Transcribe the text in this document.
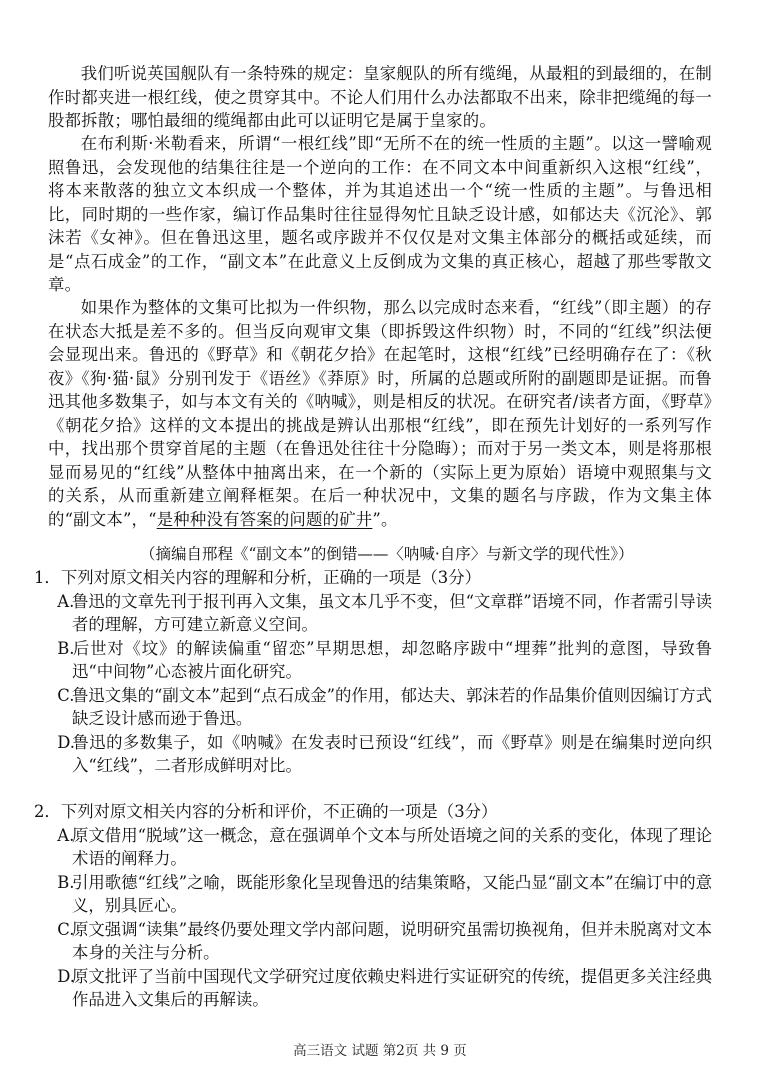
我们听说英国舰队有一条特殊的规定：皇家舰队的所有缆绳，从最粗的到最细的，在制作时都夹进一根红线，使之贯穿其中。不论人们用什么办法都取不出来，除非把缆绳的每一股都拆散；哪怕最细的缆绳都由此可以证明它是属于皇家的。
在布利斯·米勒看来，所谓“一根红线”即“无所不在的统一性质的主题”。以这一譬喻观照鲁迅，会发现他的结集往往是一个逆向的工作：在不同文本中间重新织入这根“红线”，将本来散落的独立文本织成一个整体，并为其追述出一个“统一性质的主题”。与鲁迅相比，同时期的一些作家，编订作品集时往往显得匆忙且缺乏设计感，如郁达夫《沉沦》、郭沫若《女神》。但在鲁迅这里，题名或序跋并不仅仅是对文集主体部分的概括或延续，而是“点石成金”的工作，“副文本”在此意义上反倒成为文集的真正核心，超越了那些零散文章。
如果作为整体的文集可比拟为一件织物，那么以完成时态来看，“红线”（即主题）的存在状态大抵是差不多的。但当反向观审文集（即拆毁这件织物）时，不同的“红线”织法便会显现出来。鲁迅的《野草》和《朝花夕拾》在起笔时，这根“红线”已经明确存在了：《秋夜》《狗·猫·鼠》分别刊发于《语丝》《莽原》时，所属的总题或所附的副题即是证据。而鲁迅其他多数集子，如与本文有关的《呐喊》，则是相反的状况。在研究者/读者方面，《野草》《朝花夕拾》这样的文本提出的挑战是辨认出那根“红线”，即在预先计划好的一系列写作中，找出那个贯穿首尾的主题（在鲁迅处往往十分隐晦）；而对于另一类文本，则是将那根显而易见的“红线”从整体中抽离出来，在一个新的（实际上更为原始）语境中观照集与文的关系，从而重新建立阐释框架。在后一种状况中，文集的题名与序跋，作为文集主体的“副文本”，“是种种没有答案的问题的矿井”。
（摘编自邢程《“副文本”的倒错——〈呐喊·自序〉与新文学的现代性》）
1．下列对原文相关内容的理解和分析，正确的一项是（3分）
A.鲁迅的文章先刊于报刊再入文集，虽文本几乎不变，但“文章群”语境不同，作者需引导读者的理解，方可建立新意义空间。
B.后世对《坟》的解读偏重“留恋”早期思想，却忽略序跋中“埋葬”批判的意图，导致鲁迅“中间物”心态被片面化研究。
C.鲁迅文集的“副文本”起到“点石成金”的作用，郁达夫、郭沫若的作品集价值则因编订方式缺乏设计感而逊于鲁迅。
D.鲁迅的多数集子，如《呐喊》在发表时已预设“红线”，而《野草》则是在编集时逆向织入“红线”，二者形成鲜明对比。
2．下列对原文相关内容的分析和评价，不正确的一项是（3分）
A.原文借用“脱域”这一概念，意在强调单个文本与所处语境之间的关系的变化，体现了理论术语的阐释力。
B.引用歌德“红线”之喻，既能形象化呈现鲁迅的结集策略，又能凸显“副文本”在编订中的意义，别具匠心。
C.原文强调“读集”最终仍要处理文学内部问题，说明研究虽需切换视角，但并未脱离对文本本身的关注与分析。
D.原文批评了当前中国现代文学研究过度依赖史料进行实证研究的传统，提倡更多关注经典作品进入文集后的再解读。
高三语文 试题 第2页 共 9 页
